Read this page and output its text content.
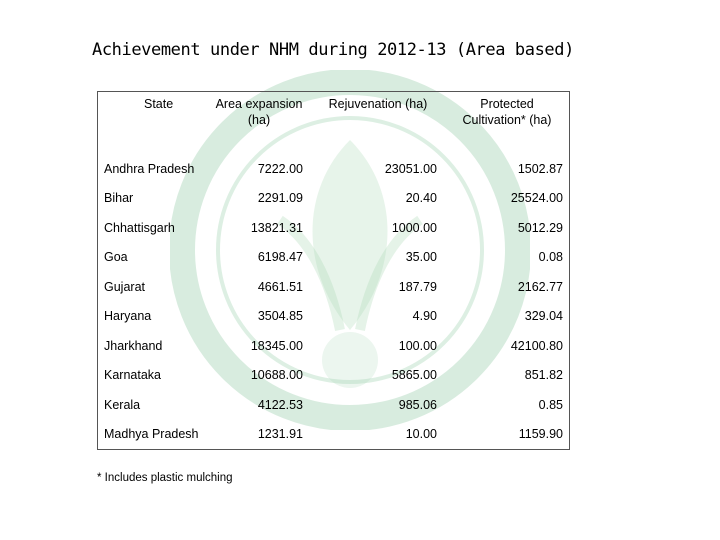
Achievement under NHM during 2012-13 (Area based)
State	Area expansion (ha)	Rejuvenation (ha)	Protected Cultivation* (ha)
Andhra Pradesh	7222.00	23051.00	1502.87
Bihar	2291.09	20.40	25524.00
Chhattisgarh	13821.31	1000.00	5012.29
Goa	6198.47	35.00	0.08
Gujarat	4661.51	187.79	2162.77
Haryana	3504.85	4.90	329.04
Jharkhand	18345.00	100.00	42100.80
Karnataka	10688.00	5865.00	851.82
Kerala	4122.53	985.06	0.85
Madhya Pradesh	1231.91	10.00	1159.90
* Includes plastic mulching
